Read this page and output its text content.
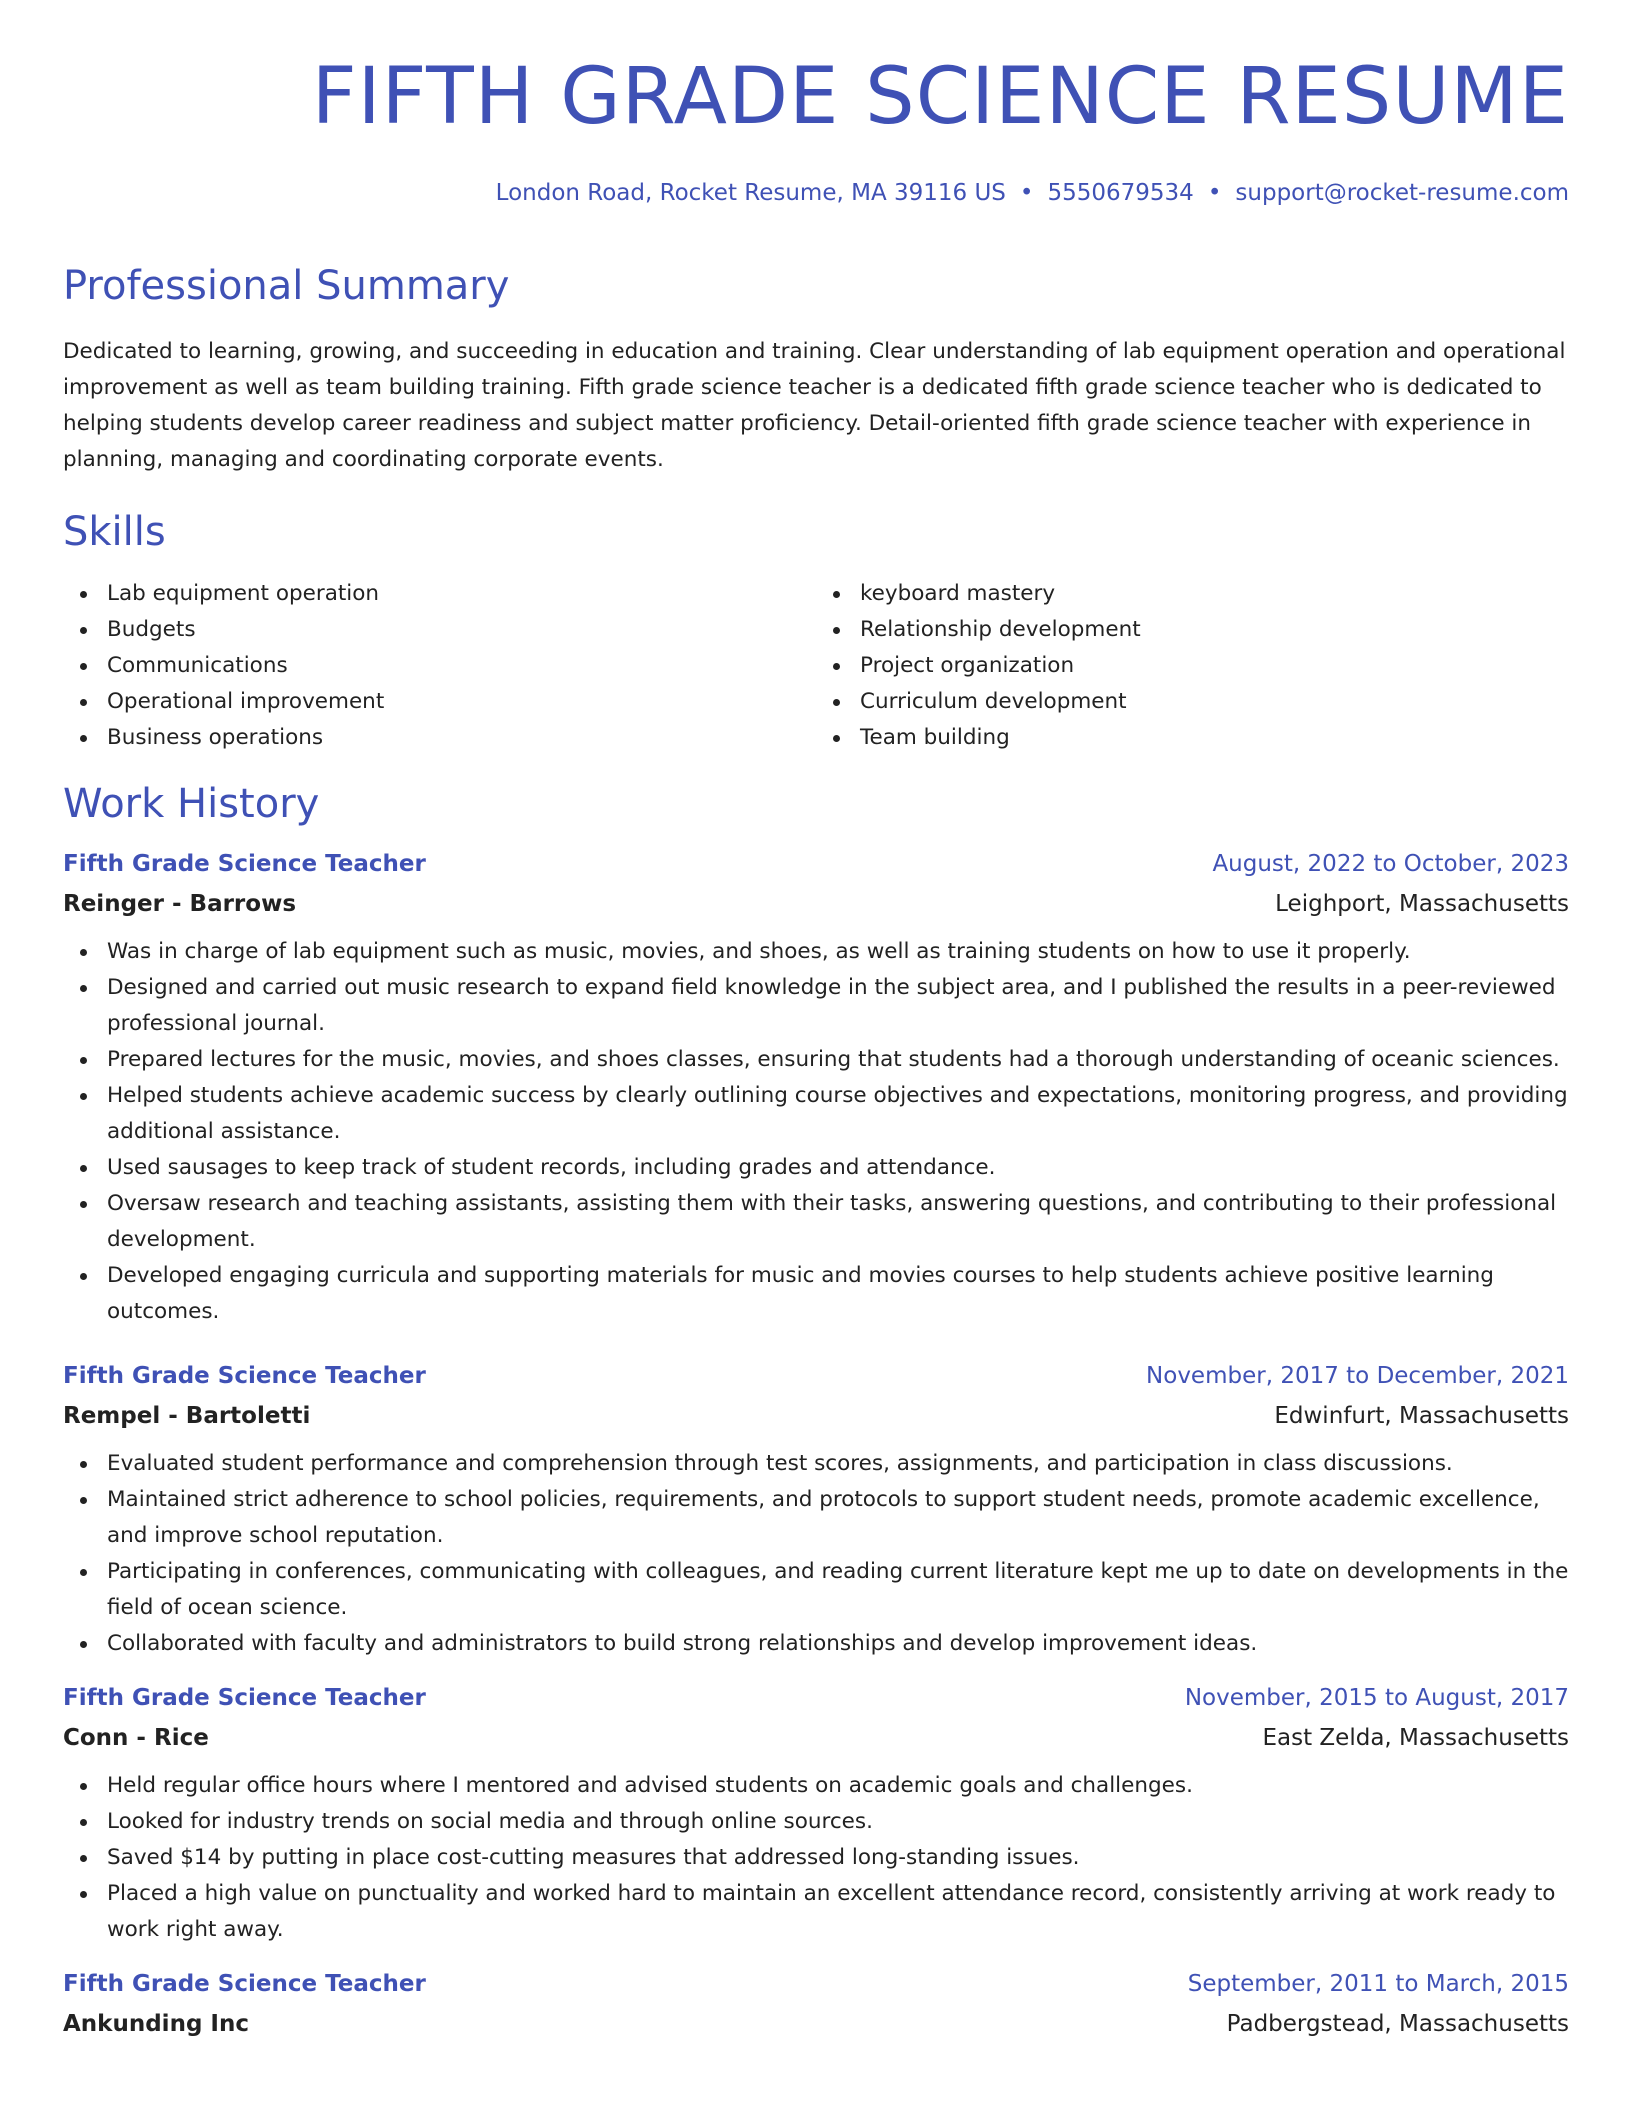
FIFTH GRADE SCIENCE RESUME
London Road, Rocket Resume, MA 39116 US • 5550679534 • support@rocket-resume.com
Professional Summary

Dedicated to learning, growing, and succeeding in education and training. Clear understanding of lab equipment operation and operational improvement as well as team building training. Fifth grade science teacher is a dedicated fifth grade science teacher who is dedicated to helping students develop career readiness and subject matter proficiency. Detail-oriented fifth grade science teacher with experience in planning, managing and coordinating corporate events.

Skills
Lab equipment operation
Budgets
Communications
Operational improvement
Business operations
keyboard mastery
Relationship development
Project organization
Curriculum development
Team building
Work History
Fifth Grade Science Teacher	August, 2022 to October, 2023
Reinger - Barrows	Leighport, Massachusetts
Was in charge of lab equipment such as music, movies, and shoes, as well as training students on how to use it properly.
Designed and carried out music research to expand field knowledge in the subject area, and I published the results in a peer-reviewed professional journal.
Prepared lectures for the music, movies, and shoes classes, ensuring that students had a thorough understanding of oceanic sciences.
Helped students achieve academic success by clearly outlining course objectives and expectations, monitoring progress, and providing additional assistance.
Used sausages to keep track of student records, including grades and attendance.
Oversaw research and teaching assistants, assisting them with their tasks, answering questions, and contributing to their professional development.
Developed engaging curricula and supporting materials for music and movies courses to help students achieve positive learning outcomes.
Fifth Grade Science Teacher	November, 2017 to December, 2021
Rempel - Bartoletti	Edwinfurt, Massachusetts
Evaluated student performance and comprehension through test scores, assignments, and participation in class discussions.
Maintained strict adherence to school policies, requirements, and protocols to support student needs, promote academic excellence, and improve school reputation.
Participating in conferences, communicating with colleagues, and reading current literature kept me up to date on developments in the field of ocean science.
Collaborated with faculty and administrators to build strong relationships and develop improvement ideas.
Fifth Grade Science Teacher	November, 2015 to August, 2017
Conn - Rice	East Zelda, Massachusetts
Held regular office hours where I mentored and advised students on academic goals and challenges.
Looked for industry trends on social media and through online sources.
Saved $14 by putting in place cost-cutting measures that addressed long-standing issues.
Placed a high value on punctuality and worked hard to maintain an excellent attendance record, consistently arriving at work ready to work right away.
Fifth Grade Science Teacher	September, 2011 to March, 2015
Ankunding Inc	Padbergstead, Massachusetts
